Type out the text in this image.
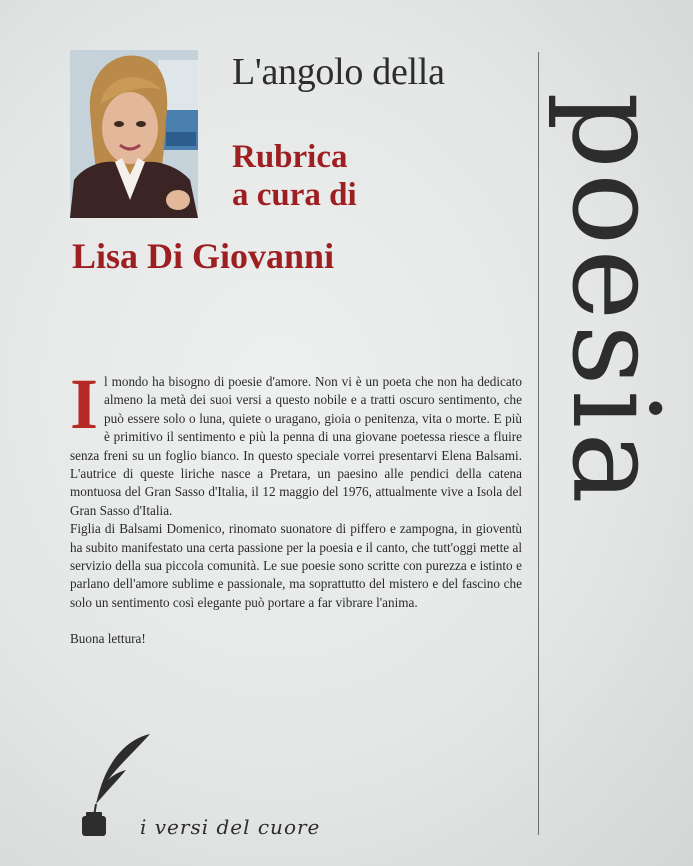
L'angolo della
Rubrica
a cura di
Lisa Di Giovanni poesia

Il mondo ha bisogno di poesie d'amore. Non vi è un poeta che non ha dedicato almeno la metà dei suoi versi a questo nobile e a tratti oscuro sentimento, che può essere solo o luna, quiete o uragano, gioia o penitenza, vita o morte. E più è primitivo il sentimento e più la penna di una giovane poetessa riesce a fluire senza freni su un foglio bianco. In questo speciale vorrei presentarvi Elena Balsami. L'autrice di queste liriche nasce a Pretara, un paesino alle pendici della catena montuosa del Gran Sasso d'Italia, il 12 maggio del 1976, attualmente vive a Isola del Gran Sasso d'Italia.

Figlia di Balsami Domenico, rinomato suonatore di piffero e zampogna, in gioventù ha subito manifestato una certa passione per la poesia e il canto, che tutt'oggi mette al servizio della sua piccola comunità. Le sue poesie sono scritte con purezza e istinto e parlano dell'amore sublime e passionale, ma soprattutto del mistero e del fascino che solo un sentimento così elegante può portare a far vibrare l'anima.

Buona lettura!

i versi del cuore
